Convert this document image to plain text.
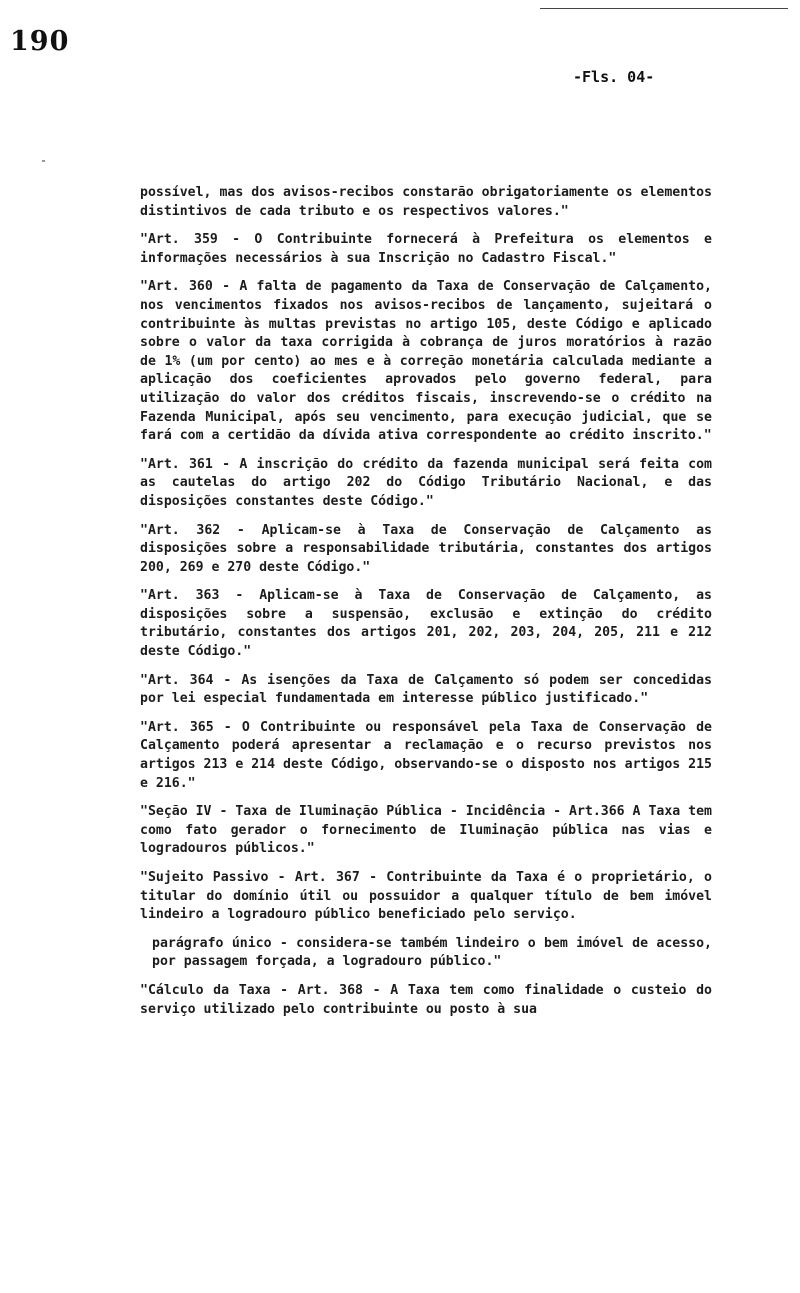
190
-Fls. 04-

possível, mas dos avisos-recibos constarão obrigatoriamente os elementos distintivos de cada tributo e os respectivos valores."

"Art. 359 - O Contribuinte fornecerá à Prefeitura os elementos e informações necessários à sua Inscrição no Cadastro Fiscal."

"Art. 360 - A falta de pagamento da Taxa de Conservação de Calçamento, nos vencimentos fixados nos avisos-recibos de lançamento, sujeitará o contribuinte às multas previstas no artigo 105, deste Código e aplicado sobre o valor da taxa corrigida à cobrança de juros moratórios à razão de 1% (um por cento) ao mes e à correção monetária calculada mediante a aplicação dos coeficientes aprovados pelo governo federal, para utilização do valor dos créditos fiscais, inscrevendo-se o crédito na Fazenda Municipal, após seu vencimento, para execução judicial, que se fará com a certidão da dívida ativa correspondente ao crédito inscrito."

"Art. 361 - A inscrição do crédito da fazenda municipal será feita com as cautelas do artigo 202 do Código Tributário Nacional, e das disposições constantes deste Código."

"Art. 362 - Aplicam-se à Taxa de Conservação de Calçamento as disposições sobre a responsabilidade tributária, constantes dos artigos 200, 269 e 270 deste Código."

"Art. 363 - Aplicam-se à Taxa de Conservação de Calçamento, as disposições sobre a suspensão, exclusão e extinção do crédito tributário, constantes dos artigos 201, 202, 203, 204, 205, 211 e 212 deste Código."

"Art. 364 - As isenções da Taxa de Calçamento só podem ser concedidas por lei especial fundamentada em interesse público justificado."

"Art. 365 - O Contribuinte ou responsável pela Taxa de Conservação de Calçamento poderá apresentar a reclamação e o recurso previstos nos artigos 213 e 214 deste Código, observando-se o disposto nos artigos 215 e 216."

"Seção IV - Taxa de Iluminação Pública - Incidência - Art.366 A Taxa tem como fato gerador o fornecimento de Iluminação pública nas vias e logradouros públicos."

"Sujeito Passivo - Art. 367 - Contribuinte da Taxa é o proprietário, o titular do domínio útil ou possuidor a qualquer título de bem imóvel lindeiro a logradouro público beneficiado pelo serviço.

parágrafo único - considera-se também lindeiro o bem imóvel de acesso, por passagem forçada, a logradouro público."

"Cálculo da Taxa - Art. 368 - A Taxa tem como finalidade o custeio do serviço utilizado pelo contribuinte ou posto à sua
